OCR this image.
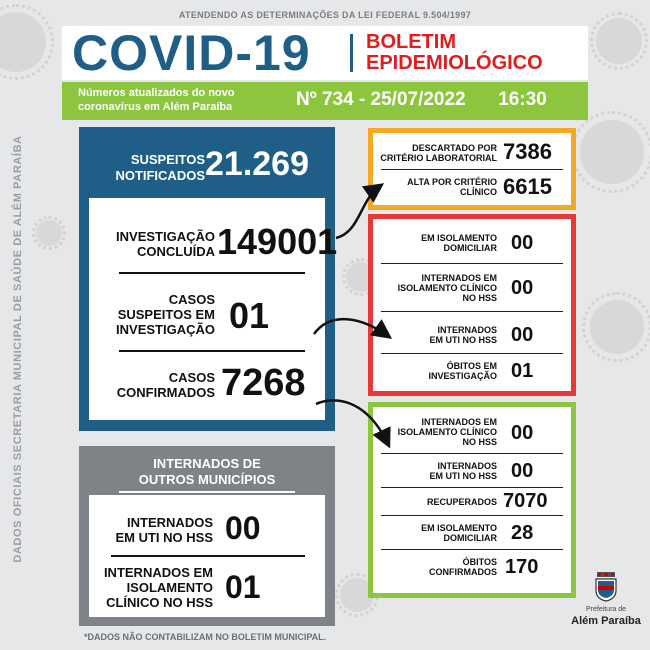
ATENDENDO AS DETERMINAÇÕES DA LEI FEDERAL 9.504/1997
COVID-19	BOLETIM
EPIDEMIOLÓGICO
Números atualizados do novo
coronavírus em Além Paraíba	Nº 734 - 25/07/2022 16:30
DADOS OFICIAIS SECRETARIA MUNICIPAL DE SAÚDE DE ALÉM PARAÍBA	SUSPEITOS
NOTIFICADOS 21.269
INVESTIGAÇÃO
CONCLUÍDA 149001
CASOS
SUSPEITOS EM
INVESTIGAÇÃO 01
CASOS
CONFIRMADOS 7268
INTERNADOS DE
OUTROS MUNICÍPIOS
INTERNADOS
EM UTI NO HSS 00
INTERNADOS EM
ISOLAMENTO
CLÍNICO NO HSS 01
*DADOS NÃO CONTABILIZAM NO BOLETIM MUNICIPAL.
DESCARTADO POR
CRITÉRIO LABORATORIAL 7386
ALTA POR CRITÉRIO
CLÍNICO 6615
EM ISOLAMENTO
DOMICILIAR 00
INTERNADOS EM
ISOLAMENTO CLÍNICO
NO HSS 00
INTERNADOS
EM UTI NO HSS 00
ÓBITOS EM
INVESTIGAÇÃO 01
INTERNADOS EM
ISOLAMENTO CLÍNICO
NO HSS 00
INTERNADOS
EM UTI NO HSS 00
RECUPERADOS 7070
EM ISOLAMENTO
DOMICILIAR 28
ÓBITOS
CONFIRMADOS 170
Prefeitura de
Além Paraíba
